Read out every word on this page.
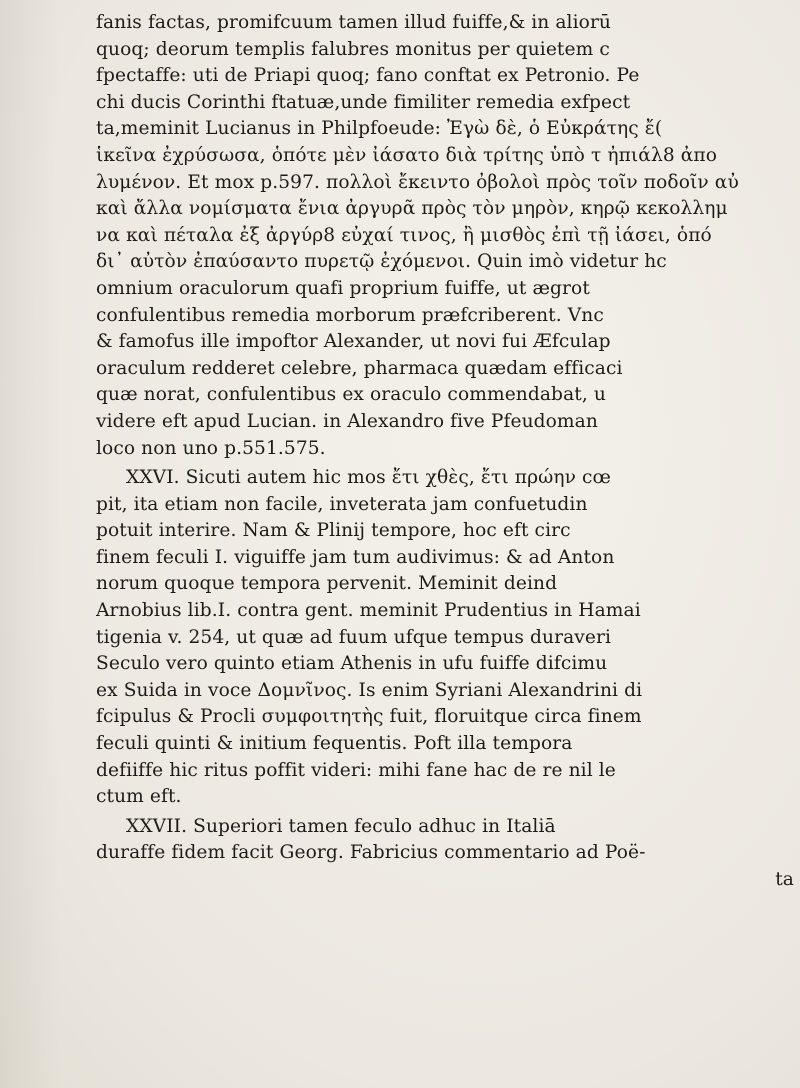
fanis factas, promifcuum tamen illud fuiffe,& in aliorū
quoq; deorum templis falubres monitus per quietem c
fpectaffe: uti de Priapi quoq; fano conftat ex Petronio. Pe
chi ducis Corinthi ftatuæ,unde fimiliter remedia exfpect
ta,meminit Lucianus in Philpfoeude: Ἐγὼ δὲ, ὁ Εὐκράτης ἔ(
ἱκεῖνα ἐχρύσωσα, ὁπότε μὲν ἰάσατο διὰ τρίτης ὑπὸ τ ἠπιάλ8 ἀπο
λυμένον. Et mox p.597. πολλοὶ ἔκειντο ὀβολοὶ πρὸς τοῖν ποδοῖν αὐ
καὶ ἄλλα νομίσματα ἔνια ἀργυρᾶ πρὸς τὸν μηρὸν, κηρῷ κεκολλημ
να καὶ πέταλα ἐξ ἀργύρ8 εὐχαί τινος, ἢ μισθὸς ἐπὶ τῇ ἰάσει, ὁπό
δι᾽ αὐτὸν ἐπαύσαντο πυρετῷ ἐχόμενοι. Quin imò videtur hc
omnium oraculorum quafi proprium fuiffe, ut ægrot
confulentibus remedia morborum præfcriberent. Vnc
& famofus ille impoftor Alexander, ut novi fui Æfculap
oraculum redderet celebre, pharmaca quædam efficaci
quæ norat, confulentibus ex oraculo commendabat, u
videre eft apud Lucian. in Alexandro five Pfeudoman
loco non uno p.551.575.
XXVI. Sicuti autem hic mos ἔτι χθὲς, ἔτι πρώην cœ
pit, ita etiam non facile, inveterata jam confuetudin
potuit interire. Nam & Plinij tempore, hoc eft circ
finem feculi I. viguiffe jam tum audivimus: & ad Anton
norum quoque tempora pervenit. Meminit deind
Arnobius lib.I. contra gent. meminit Prudentius in Hamai
tigenia v. 254, ut quæ ad fuum ufque tempus duraveri
Seculo vero quinto etiam Athenis in ufu fuiffe difcimu
ex Suida in voce Δομνῖνος. Is enim Syriani Alexandrini di
fcipulus & Procli συμφοιτητὴς fuit, floruitque circa finem
feculi quinti & initium fequentis. Poft illa tempora
defiiffe hic ritus poffit videri: mihi fane hac de re nil le
ctum eft.
XXVII. Superiori tamen feculo adhuc in Italiā
duraffe fidem facit Georg. Fabricius commentario ad Poë-
ta
